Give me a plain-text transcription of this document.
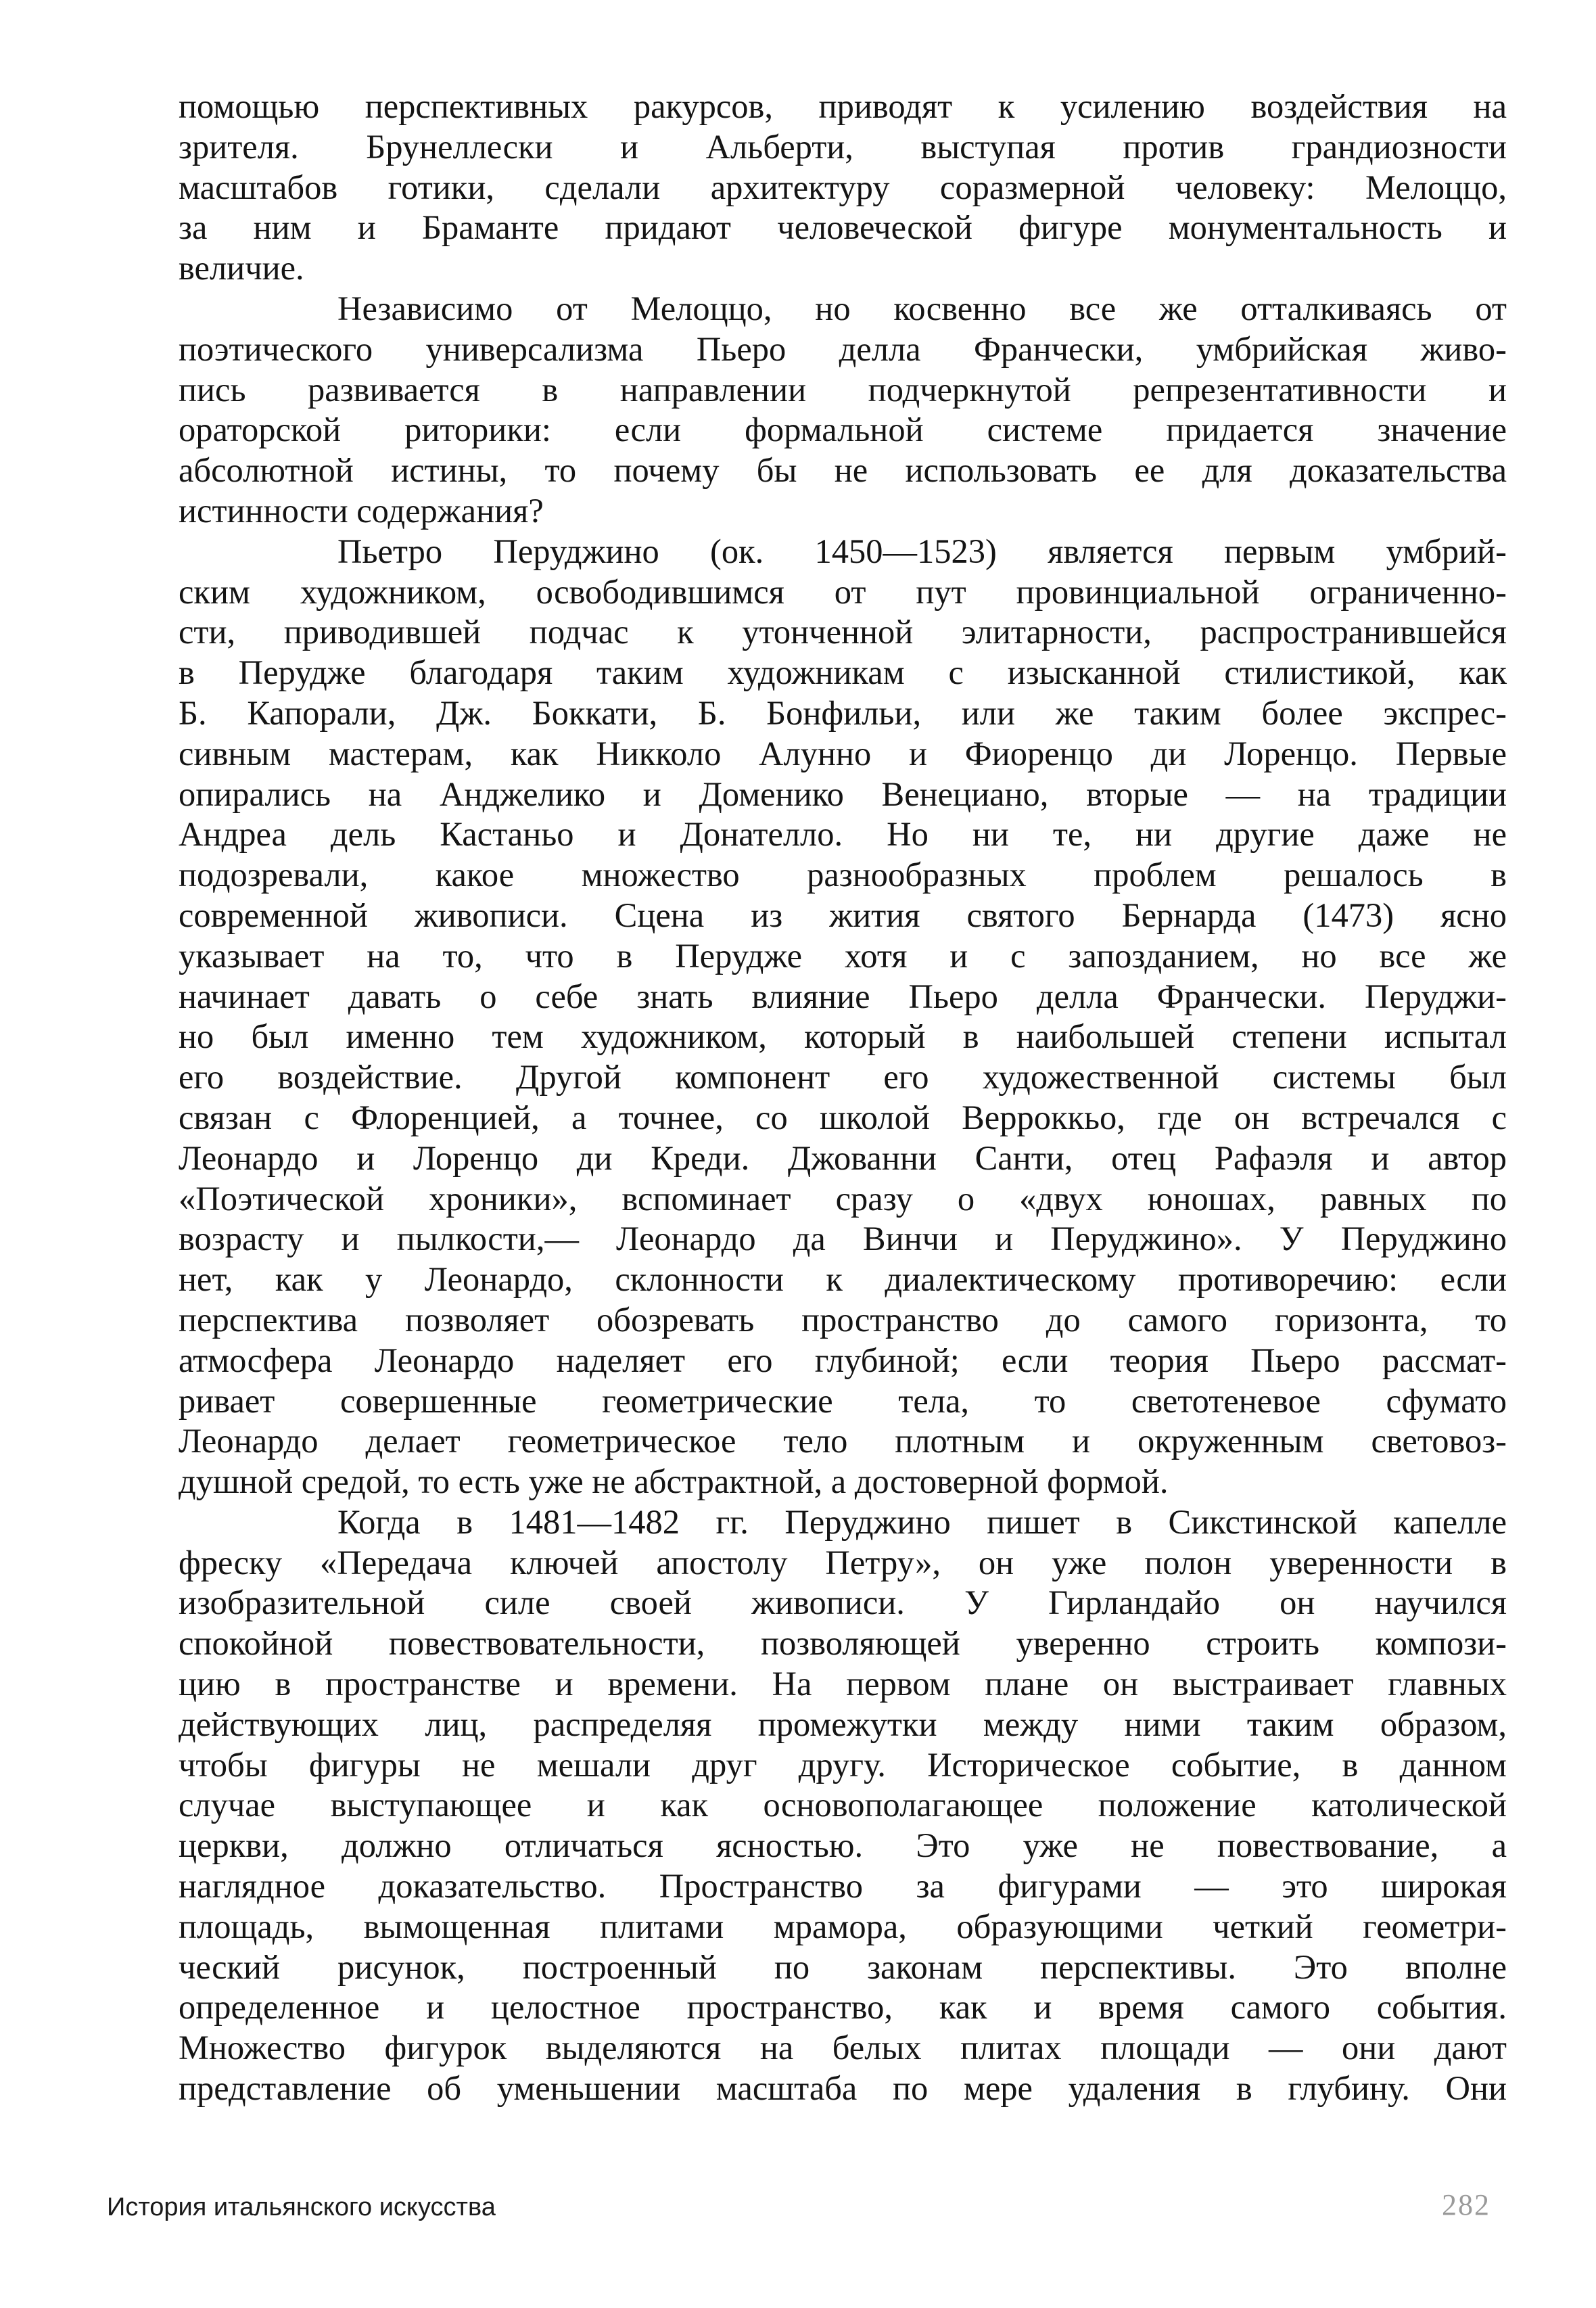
помощью перспективных ракурсов, приводят к усилению воздействия на
зрителя. Брунеллески и Альберти, выступая против грандиозности
масштабов готики, сделали архитектуру соразмерной человеку: Мелоццо,
за ним и Браманте придают человеческой фигуре монументальность и
величие.
Независимо от Мелоццо, но косвенно все же отталкиваясь от
поэтического универсализма Пьеро делла Франчески, умбрийская живо-
пись развивается в направлении подчеркнутой репрезентативности и
ораторской риторики: если формальной системе придается значение
абсолютной истины, то почему бы не использовать ее для доказательства
истинности содержания?
Пьетро Перуджино (ок. 1450—1523) является первым умбрий-
ским художником, освободившимся от пут провинциальной ограниченно-
сти, приводившей подчас к утонченной элитарности, распространившейся
в Перудже благодаря таким художникам с изысканной стилистикой, как
Б. Капорали, Дж. Боккати, Б. Бонфильи, или же таким более экспрес-
сивным мастерам, как Никколо Алунно и Фиоренцо ди Лоренцо. Первые
опирались на Анджелико и Доменико Венециано, вторые — на традиции
Андреа дель Кастаньо и Донателло. Но ни те, ни другие даже не
подозревали, какое множество разнообразных проблем решалось в
современной живописи. Сцена из жития святого Бернарда (1473) ясно
указывает на то, что в Перудже хотя и с запозданием, но все же
начинает давать о себе знать влияние Пьеро делла Франчески. Перуджи-
но был именно тем художником, который в наибольшей степени испытал
его воздействие. Другой компонент его художественной системы был
связан с Флоренцией, а точнее, со школой Верроккьо, где он встречался с
Леонардо и Лоренцо ди Креди. Джованни Санти, отец Рафаэля и автор
«Поэтической хроники», вспоминает сразу о «двух юношах, равных по
возрасту и пылкости,— Леонардо да Винчи и Перуджино». У Перуджино
нет, как у Леонардо, склонности к диалектическому противоречию: если
перспектива позволяет обозревать пространство до самого горизонта, то
атмосфера Леонардо наделяет его глубиной; если теория Пьеро рассмат-
ривает совершенные геометрические тела, то светотеневое сфумато
Леонардо делает геометрическое тело плотным и окруженным световоз-
душной средой, то есть уже не абстрактной, а достоверной формой.
Когда в 1481—1482 гг. Перуджино пишет в Сикстинской капелле
фреску «Передача ключей апостолу Петру», он уже полон уверенности в
изобразительной силе своей живописи. У Гирландайо он научился
спокойной повествовательности, позволяющей уверенно строить компози-
цию в пространстве и времени. На первом плане он выстраивает главных
действующих лиц, распределяя промежутки между ними таким образом,
чтобы фигуры не мешали друг другу. Историческое событие, в данном
случае выступающее и как основополагающее положение католической
церкви, должно отличаться ясностью. Это уже не повествование, а
наглядное доказательство. Пространство за фигурами — это широкая
площадь, вымощенная плитами мрамора, образующими четкий геометри-
ческий рисунок, построенный по законам перспективы. Это вполне
определенное и целостное пространство, как и время самого события.
Множество фигурок выделяются на белых плитах площади — они дают
представление об уменьшении масштаба по мере удаления в глубину. Они
История итальянского искусства	282
